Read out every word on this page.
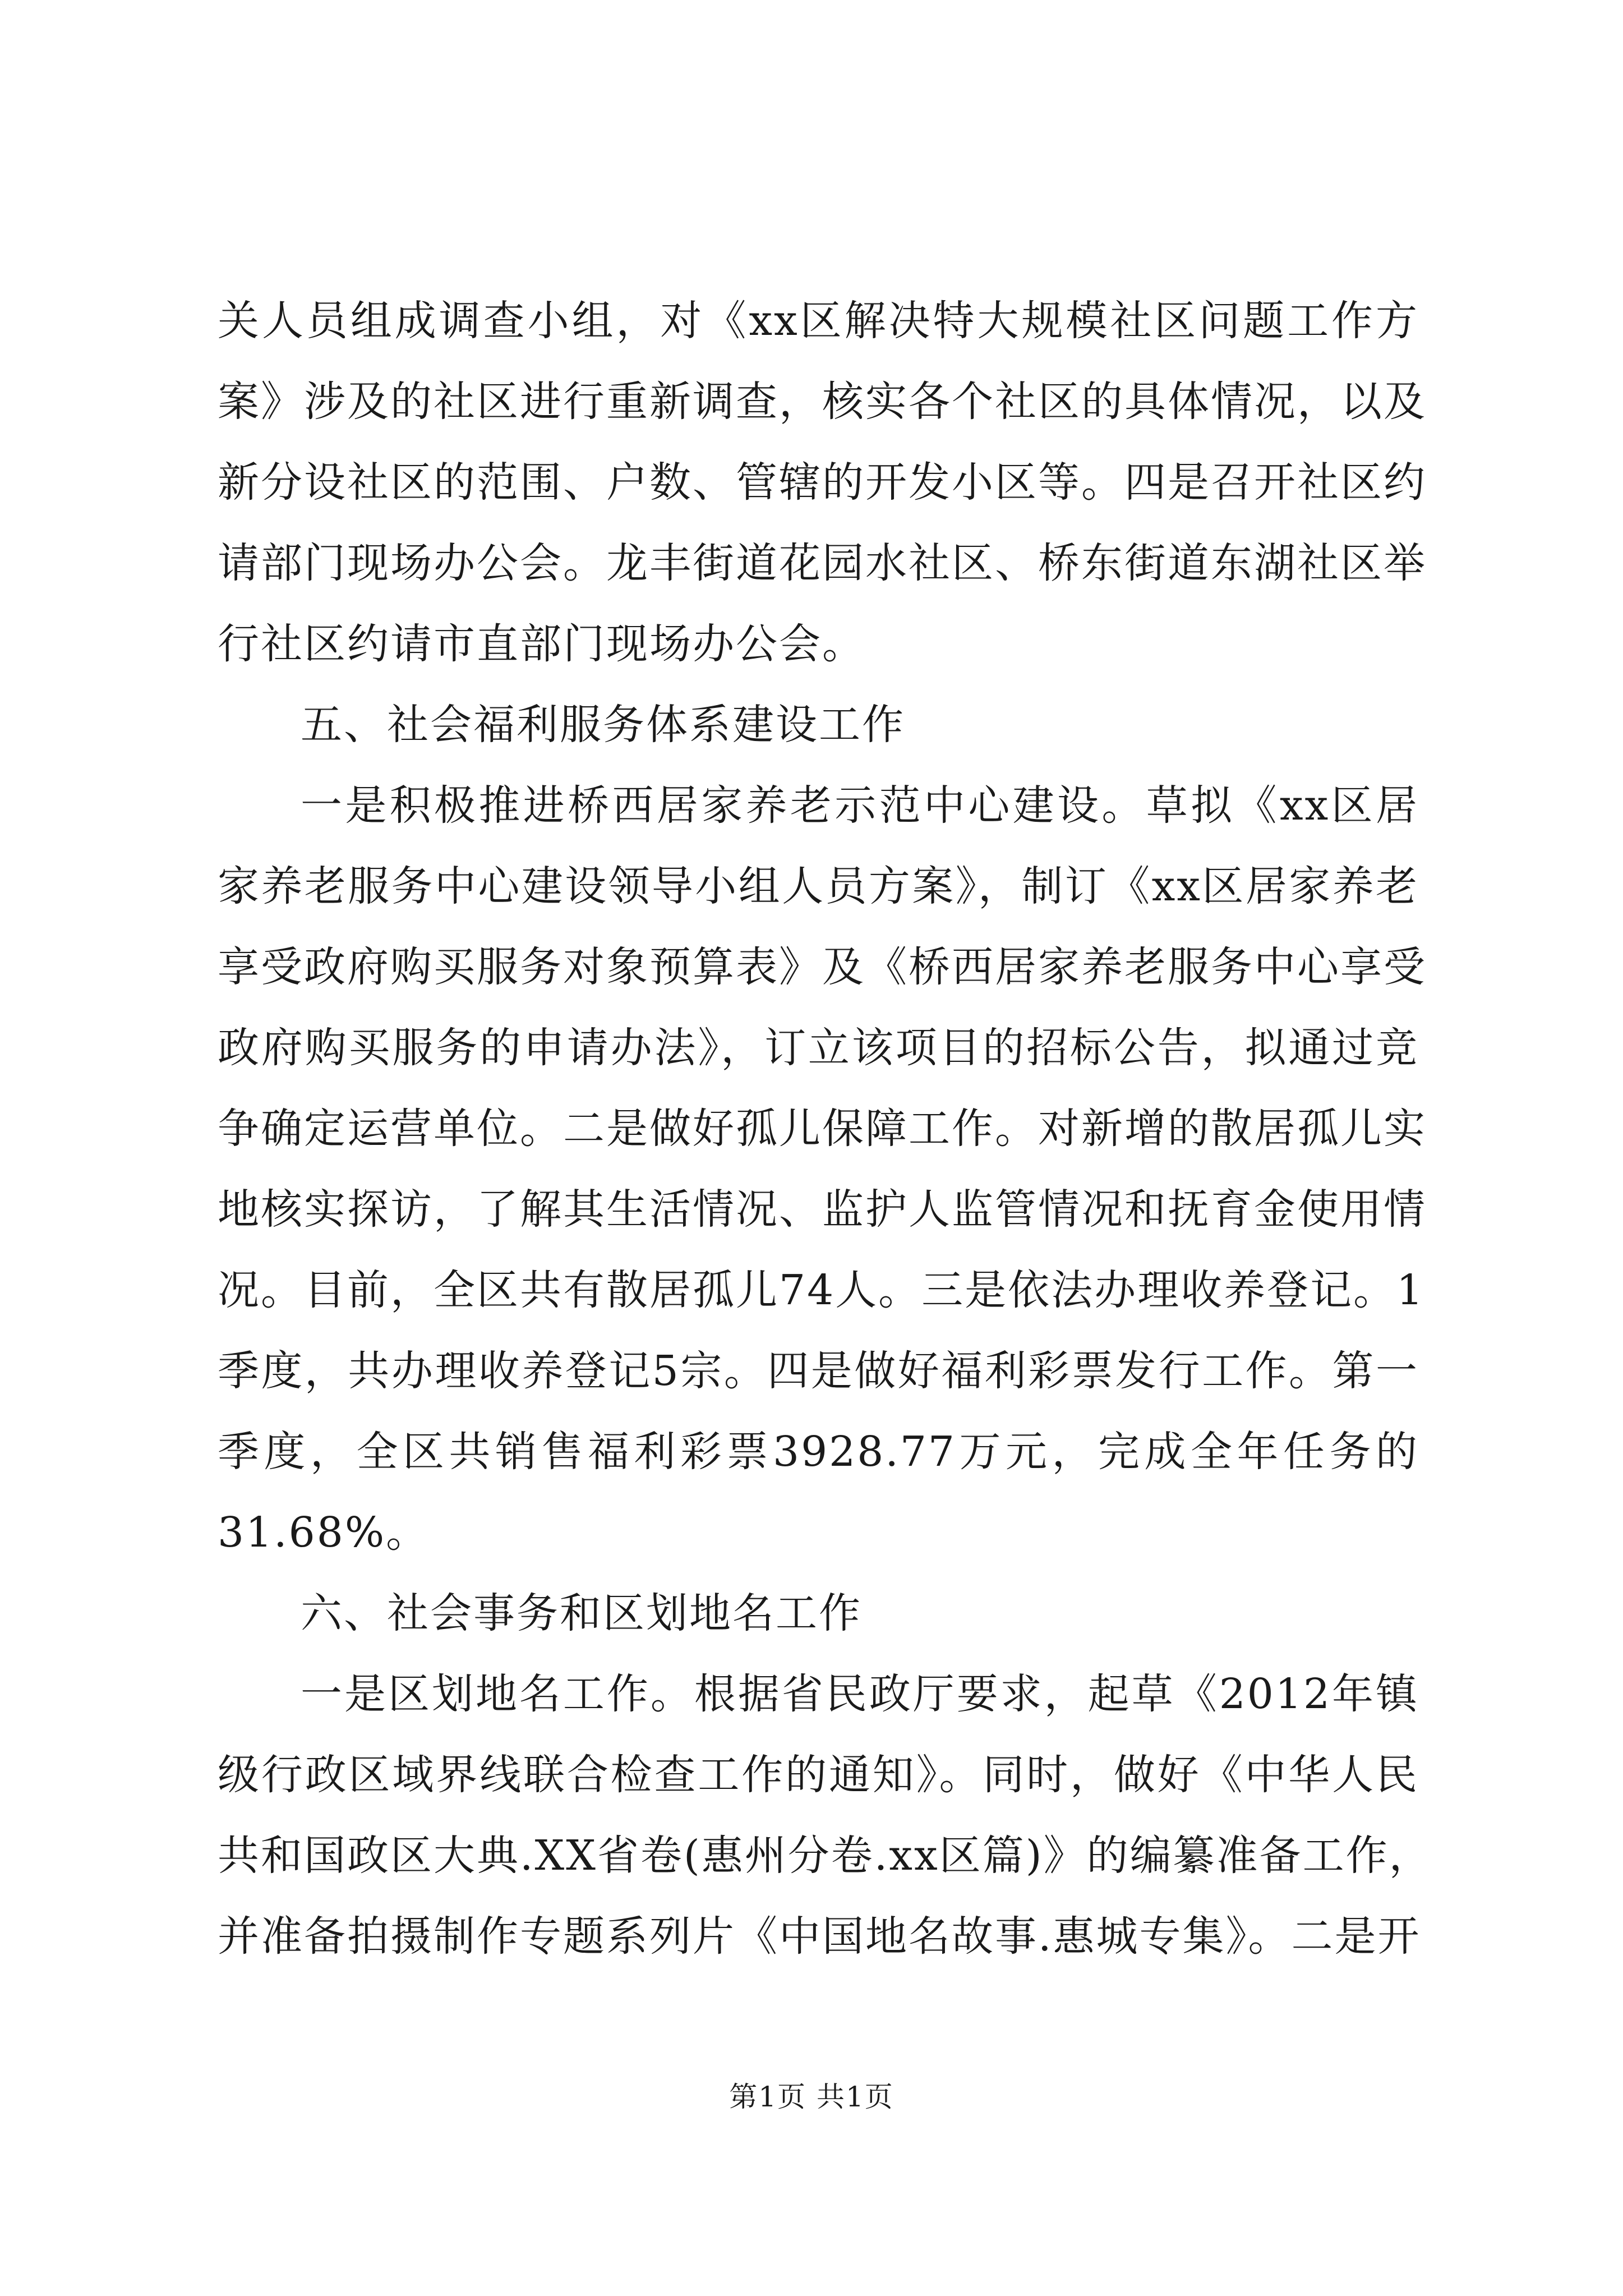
关人员组成调查小组，对《xx区解决特大规模社区问题工作方
案》涉及的社区进行重新调查，核实各个社区的具体情况，以及
新分设社区的范围、户数、管辖的开发小区等。四是召开社区约
请部门现场办公会。龙丰街道花园水社区、桥东街道东湖社区举
行社区约请市直部门现场办公会。
五、社会福利服务体系建设工作
一是积极推进桥西居家养老示范中心建设。草拟《xx区居
家养老服务中心建设领导小组人员方案》，制订《xx区居家养老
享受政府购买服务对象预算表》及《桥西居家养老服务中心享受
政府购买服务的申请办法》，订立该项目的招标公告，拟通过竞
争确定运营单位。二是做好孤儿保障工作。对新增的散居孤儿实
地核实探访，了解其生活情况、监护人监管情况和抚育金使用情
况。目前，全区共有散居孤儿74人。三是依法办理收养登记。1
季度，共办理收养登记5宗。四是做好福利彩票发行工作。第一
季度，全区共销售福利彩票3928.77万元，完成全年任务的
31.68%。
六、社会事务和区划地名工作
一是区划地名工作。根据省民政厅要求，起草《2012年镇
级行政区域界线联合检查工作的通知》。同时，做好《中华人民
共和国政区大典.XX省卷(惠州分卷.xx区篇)》的编纂准备工作，
并准备拍摄制作专题系列片《中国地名故事.惠城专集》。二是开
第1页 共1页
